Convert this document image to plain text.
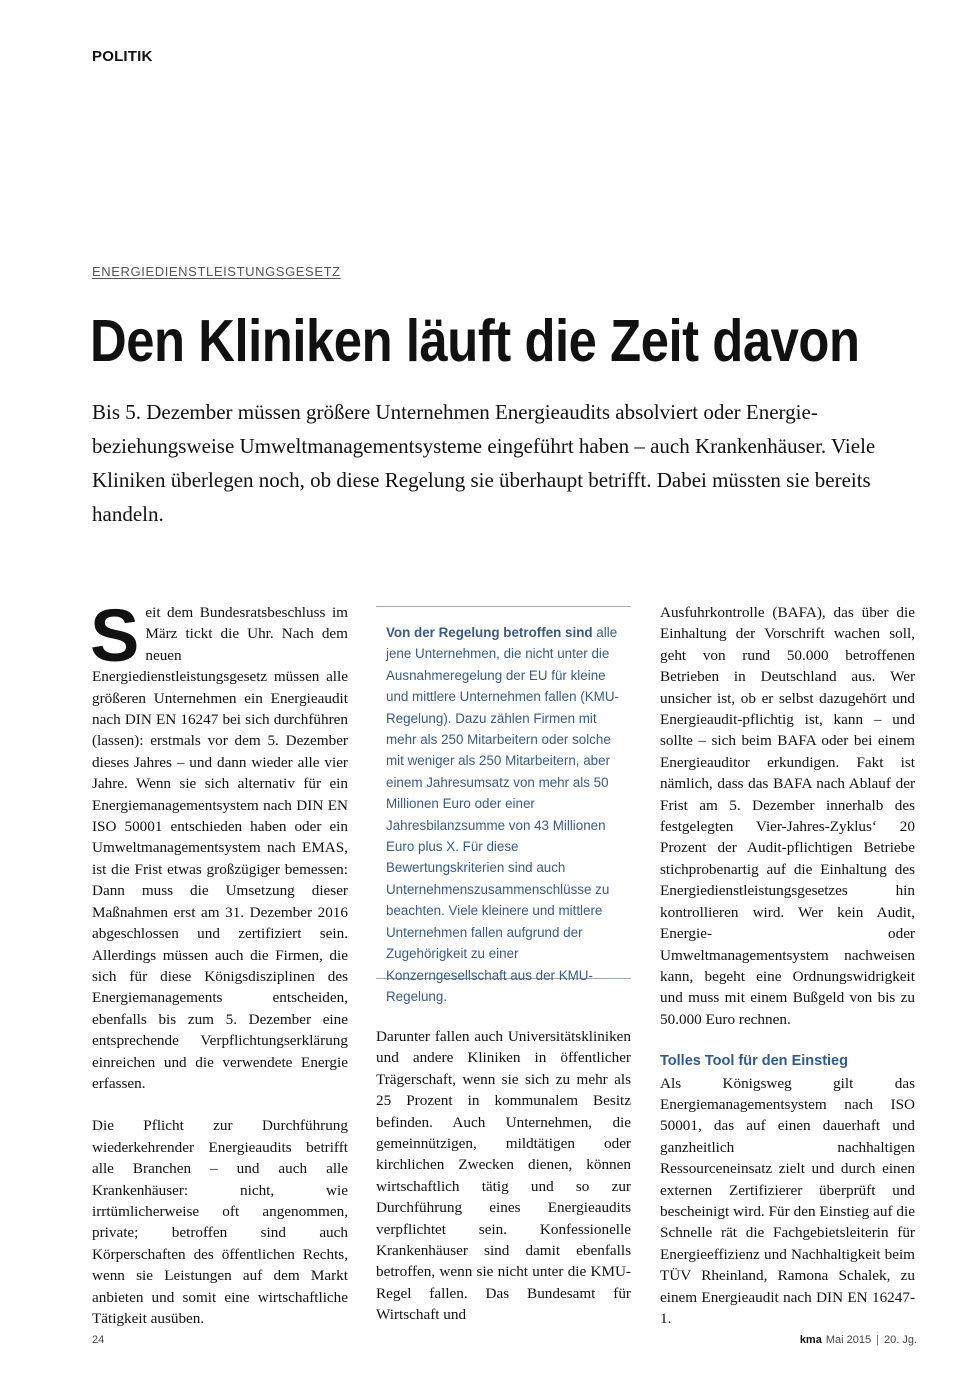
POLITIK
ENERGIEDIENSTLEISTUNGSGESETZ
Den Kliniken läuft die Zeit davon
Bis 5. Dezember müssen größere Unternehmen Energieaudits absolviert oder Energie- beziehungsweise Umweltmanagementsysteme eingeführt haben – auch Krankenhäuser. Viele Kliniken überlegen noch, ob diese Regelung sie überhaupt betrifft. Dabei müssten sie bereits handeln.

Seit dem Bundesratsbeschluss im März tickt die Uhr. Nach dem neuen Energiedienstleistungsgesetz müssen alle größeren Unternehmen ein Energieaudit nach DIN EN 16247 bei sich durchführen (lassen): erstmals vor dem 5. Dezember dieses Jahres – und dann wieder alle vier Jahre. Wenn sie sich alternativ für ein Energiemanagementsystem nach DIN EN ISO 50001 entschieden haben oder ein Umweltmanagementsystem nach EMAS, ist die Frist etwas großzügiger bemessen: Dann muss die Umsetzung dieser Maßnahmen erst am 31. Dezember 2016 abgeschlossen und zertifiziert sein. Allerdings müssen auch die Firmen, die sich für diese Königsdisziplinen des Energiemanagements entscheiden, ebenfalls bis zum 5. Dezember eine entsprechende Verpflichtungserklärung einreichen und die verwendete Energie erfassen.

Die Pflicht zur Durchführung wiederkehrender Energieaudits betrifft alle Branchen – und auch alle Krankenhäuser: nicht, wie irrtümlicherweise oft angenommen, private; betroffen sind auch Körperschaften des öffentlichen Rechts, wenn sie Leistungen auf dem Markt anbieten und somit eine wirtschaftliche Tätigkeit ausüben.

Von der Regelung betroffen sind alle jene Unternehmen, die nicht unter die Ausnahmeregelung der EU für kleine und mittlere Unternehmen fallen (KMU-Regelung). Dazu zählen Firmen mit mehr als 250 Mitarbeitern oder solche mit weniger als 250 Mitarbeitern, aber einem Jahresumsatz von mehr als 50 Millionen Euro oder einer Jahresbilanzsumme von 43 Millionen Euro plus X. Für diese Bewertungskriterien sind auch Unternehmenszusammenschlüsse zu beachten. Viele kleinere und mittlere Unternehmen fallen aufgrund der Zugehörigkeit zu einer Konzerngesellschaft aus der KMU-Regelung.

Darunter fallen auch Universitätskliniken und andere Kliniken in öffentlicher Trägerschaft, wenn sie sich zu mehr als 25 Prozent in kommunalem Besitz befinden. Auch Unternehmen, die gemeinnützigen, mildtätigen oder kirchlichen Zwecken dienen, können wirtschaftlich tätig und so zur Durchführung eines Energieaudits verpflichtet sein. Konfessionelle Krankenhäuser sind damit ebenfalls betroffen, wenn sie nicht unter die KMU-Regel fallen. Das Bundesamt für Wirtschaft und

Ausfuhrkontrolle (BAFA), das über die Einhaltung der Vorschrift wachen soll, geht von rund 50.000 betroffenen Betrieben in Deutschland aus. Wer unsicher ist, ob er selbst dazugehört und Energieaudit-pflichtig ist, kann – und sollte – sich beim BAFA oder bei einem Energieauditor erkundigen. Fakt ist nämlich, dass das BAFA nach Ablauf der Frist am 5. Dezember innerhalb des festgelegten Vier-Jahres-Zyklus‘ 20 Prozent der Audit-pflichtigen Betriebe stichprobenartig auf die Einhaltung des Energiedienstleistungsgesetzes hin kontrollieren wird. Wer kein Audit, Energie- oder Umweltmanagementsystem nachweisen kann, begeht eine Ordnungswidrigkeit und muss mit einem Bußgeld von bis zu 50.000 Euro rechnen.

Tolles Tool für den Einstieg

Als Königsweg gilt das Energiemanagementsystem nach ISO 50001, das auf einen dauerhaft und ganzheitlich nachhaltigen Ressourceneinsatz zielt und durch einen externen Zertifizierer überprüft und bescheinigt wird. Für den Einstieg auf die Schnelle rät die Fachgebietsleiterin für Energieeffizienz und Nachhaltigkeit beim TÜV Rheinland, Ramona Schalek, zu einem Energieaudit nach DIN EN 16247-1.

24	kma Mai 2015 | 20. Jg.
